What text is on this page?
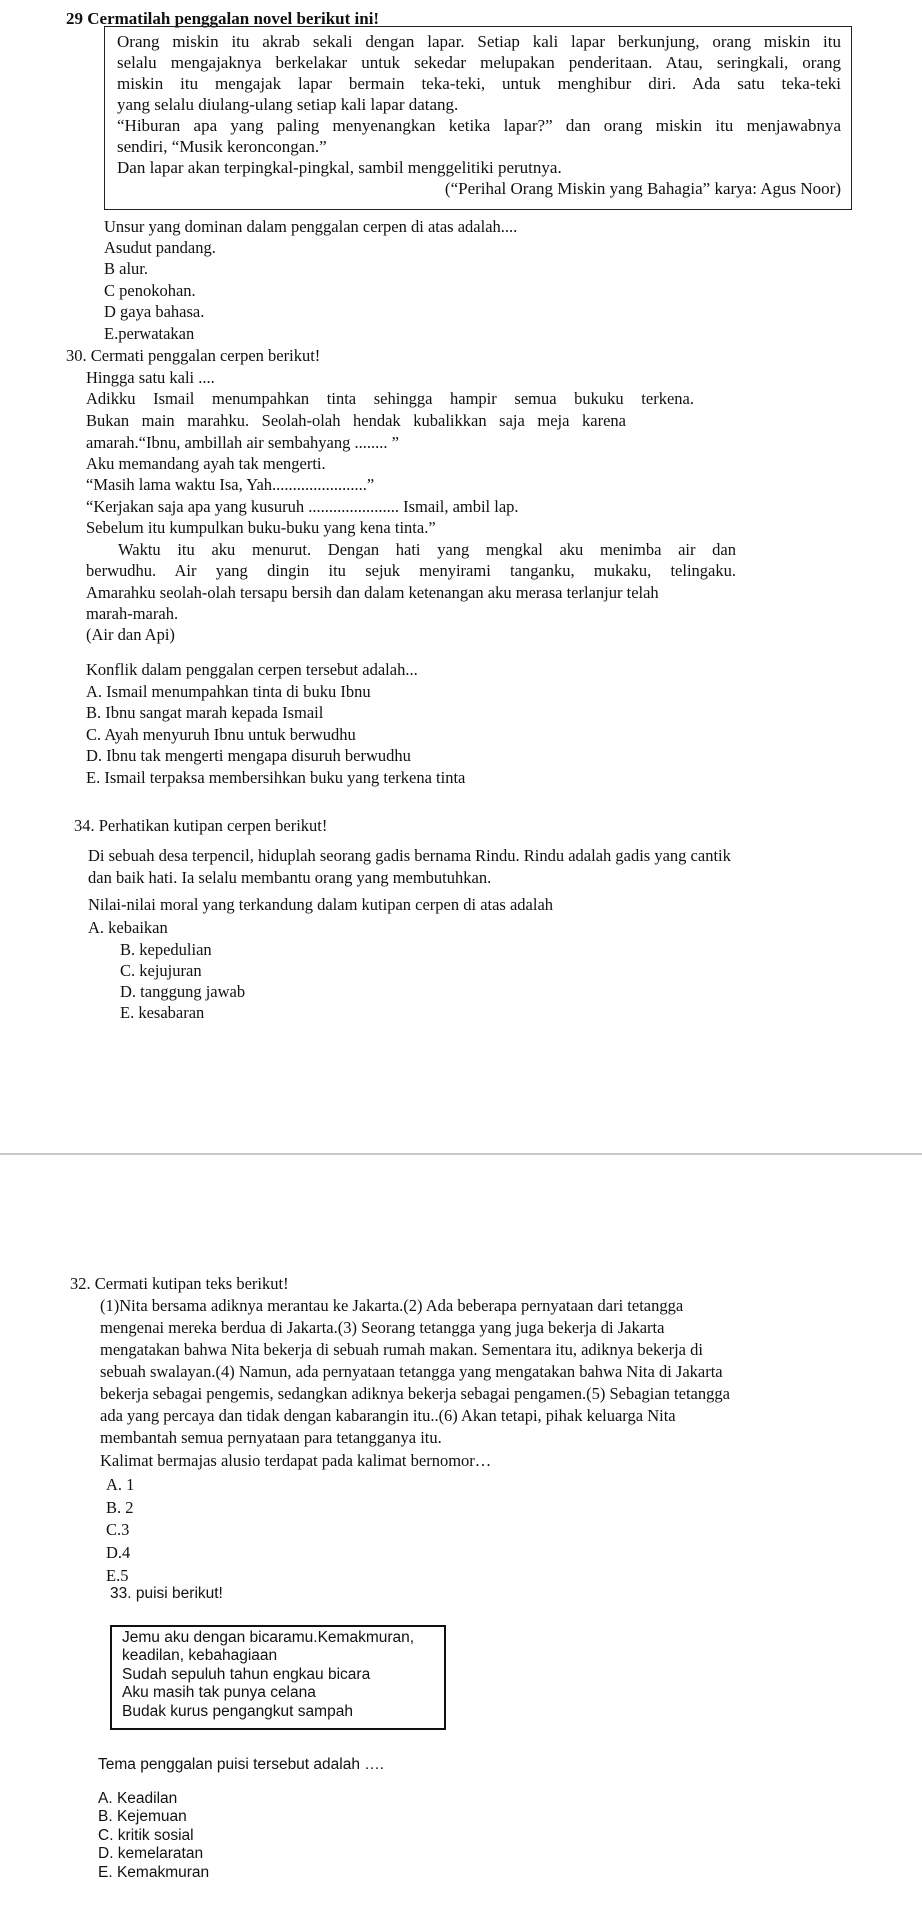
29 Cermatilah penggalan novel berikut ini!
Orang miskin itu akrab sekali dengan lapar. Setiap kali lapar berkunjung, orang miskin itu
selalu mengajaknya berkelakar untuk sekedar melupakan penderitaan. Atau, seringkali, orang
miskin itu mengajak lapar bermain teka-teki, untuk menghibur diri. Ada satu teka-teki
yang selalu diulang-ulang setiap kali lapar datang.
“Hiburan apa yang paling menyenangkan ketika lapar?” dan orang miskin itu menjawabnya
sendiri, “Musik keroncongan.”
Dan lapar akan terpingkal-pingkal, sambil menggelitiki perutnya.
(“Perihal Orang Miskin yang Bahagia” karya: Agus Noor)
Unsur yang dominan dalam penggalan cerpen di atas adalah....
Asudut pandang.
B alur.
C penokohan.
D gaya bahasa.
E.perwatakan
30. Cermati penggalan cerpen berikut!
Hingga satu kali ....
Adikku Ismail menumpahkan tinta sehingga hampir semua bukuku terkena.
Bukan main marahku. Seolah-olah hendak kubalikkan saja meja karena
amarah.“Ibnu, ambillah air sembahyang ........ ”
Aku memandang ayah tak mengerti.
“Masih lama waktu Isa, Yah.......................”
“Kerjakan saja apa yang kusuruh ...................... Ismail, ambil lap.
Sebelum itu kumpulkan buku-buku yang kena tinta.”
Waktu itu aku menurut. Dengan hati yang mengkal aku menimba air dan
berwudhu. Air yang dingin itu sejuk menyirami tanganku, mukaku, telingaku.
Amarahku seolah-olah tersapu bersih dan dalam ketenangan aku merasa terlanjur telah
marah-marah.
(Air dan Api)
Konflik dalam penggalan cerpen tersebut adalah...
A. Ismail menumpahkan tinta di buku Ibnu
B. Ibnu sangat marah kepada Ismail
C. Ayah menyuruh Ibnu untuk berwudhu
D. Ibnu tak mengerti mengapa disuruh berwudhu
E. Ismail terpaksa membersihkan buku yang terkena tinta
34. Perhatikan kutipan cerpen berikut!
Di sebuah desa terpencil, hiduplah seorang gadis bernama Rindu. Rindu adalah gadis yang cantik
dan baik hati. Ia selalu membantu orang yang membutuhkan.
Nilai-nilai moral yang terkandung dalam kutipan cerpen di atas adalah
A. kebaikan
B. kepedulian
C. kejujuran
D. tanggung jawab
E. kesabaran
32. Cermati kutipan teks berikut!
(1)Nita bersama adiknya merantau ke Jakarta.(2) Ada beberapa pernyataan dari tetangga
mengenai mereka berdua di Jakarta.(3) Seorang tetangga yang juga bekerja di Jakarta
mengatakan bahwa Nita bekerja di sebuah rumah makan. Sementara itu, adiknya bekerja di
sebuah swalayan.(4) Namun, ada pernyataan tetangga yang mengatakan bahwa Nita di Jakarta
bekerja sebagai pengemis, sedangkan adiknya bekerja sebagai pengamen.(5) Sebagian tetangga
ada yang percaya dan tidak dengan kabarangin itu..(6) Akan tetapi, pihak keluarga Nita
membantah semua pernyataan para tetangganya itu.
Kalimat bermajas alusio terdapat pada kalimat bernomor…
A. 1
B. 2
C.3
D.4
E.5
33. puisi berikut!
Jemu aku dengan bicaramu.Kemakmuran,
keadilan, kebahagiaan
Sudah sepuluh tahun engkau bicara
Aku masih tak punya celana
Budak kurus pengangkut sampah
Tema penggalan puisi tersebut adalah ….
A. Keadilan
B. Kejemuan
C. kritik sosial
D. kemelaratan
E. Kemakmuran
